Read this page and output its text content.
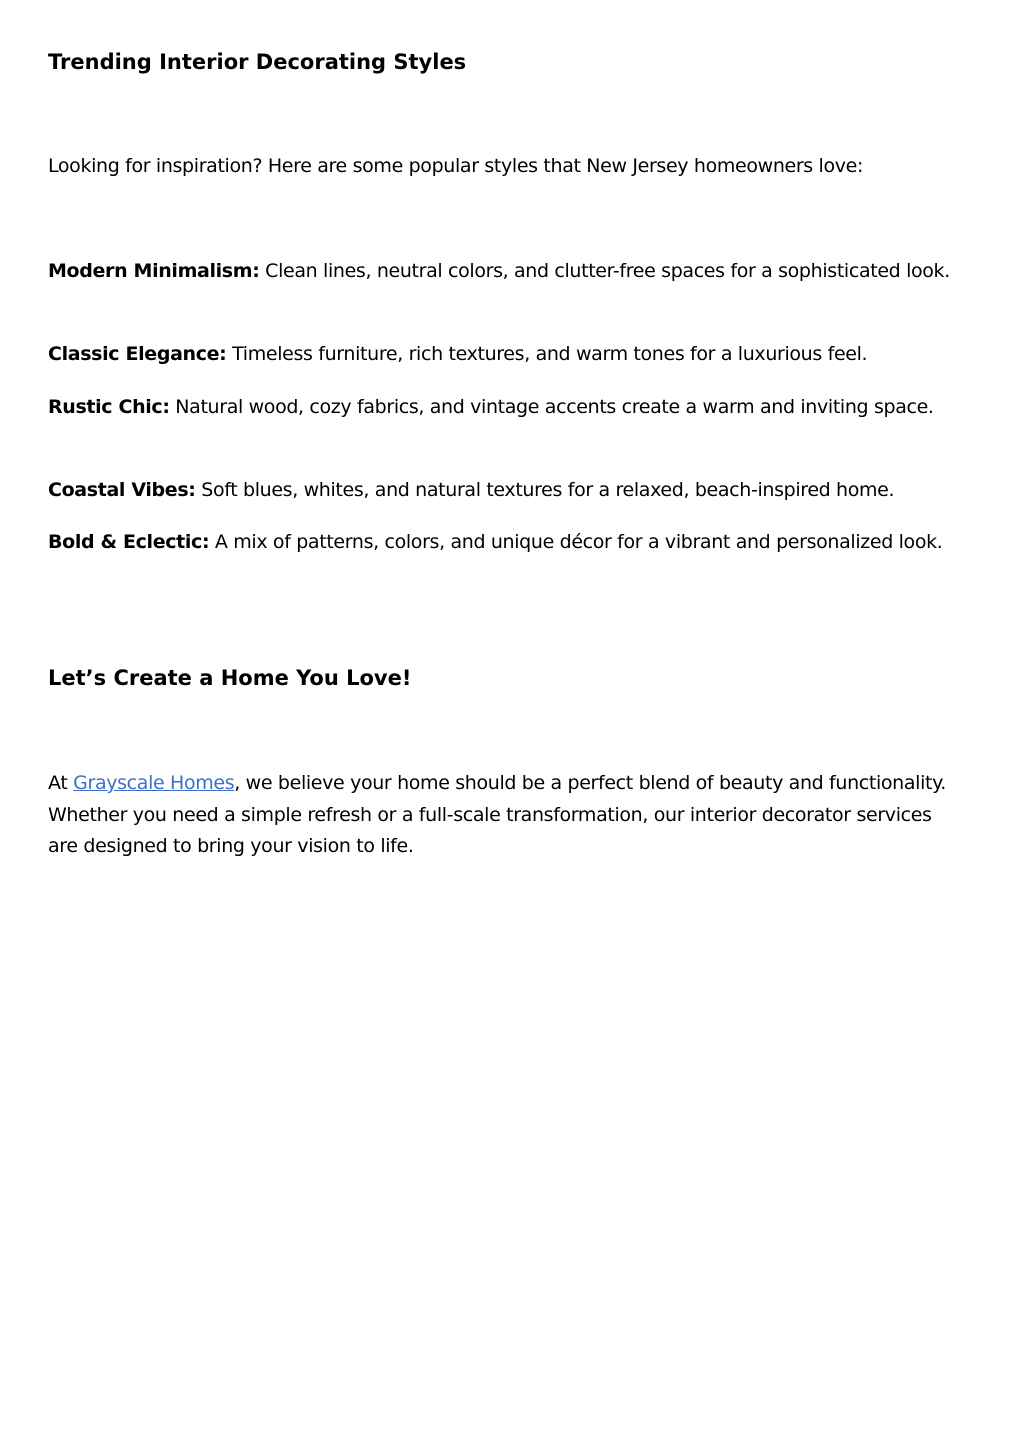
Trending Interior Decorating Styles

Looking for inspiration? Here are some popular styles that New Jersey homeowners love:

Modern Minimalism: Clean lines, neutral colors, and clutter-free spaces for a sophisticated look.

Classic Elegance: Timeless furniture, rich textures, and warm tones for a luxurious feel.

Rustic Chic: Natural wood, cozy fabrics, and vintage accents create a warm and inviting space.

Coastal Vibes: Soft blues, whites, and natural textures for a relaxed, beach-inspired home.

Bold & Eclectic: A mix of patterns, colors, and unique décor for a vibrant and personalized look.

Let’s Create a Home You Love!

At Grayscale Homes, we believe your home should be a perfect blend of beauty and functionality. Whether you need a simple refresh or a full-scale transformation, our interior decorator services are designed to bring your vision to life.
